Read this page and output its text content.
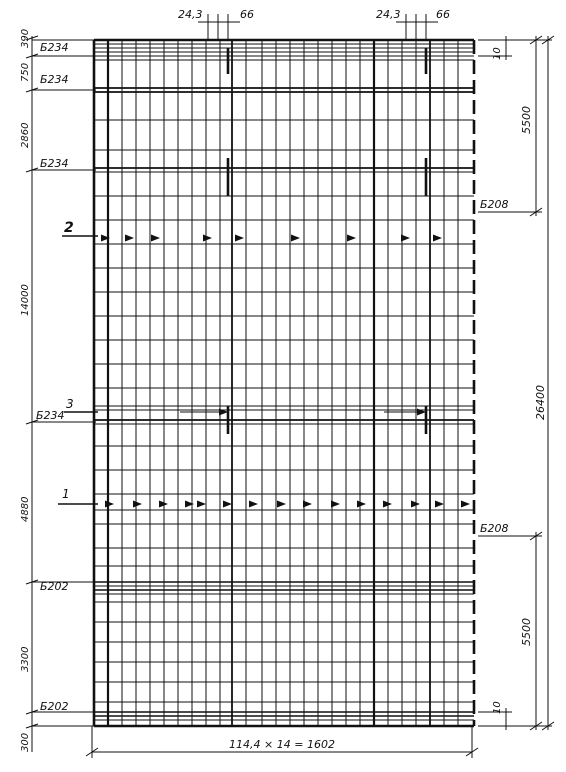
24,3	66	24,3	66
390
750
2860
14000
4880
3300
300
Б234
Б234
Б234
Б234
Б202
Б202
2
3
1
10
5500
26400
5500
10
Б208
Б208
114,4 × 14 = 1602
